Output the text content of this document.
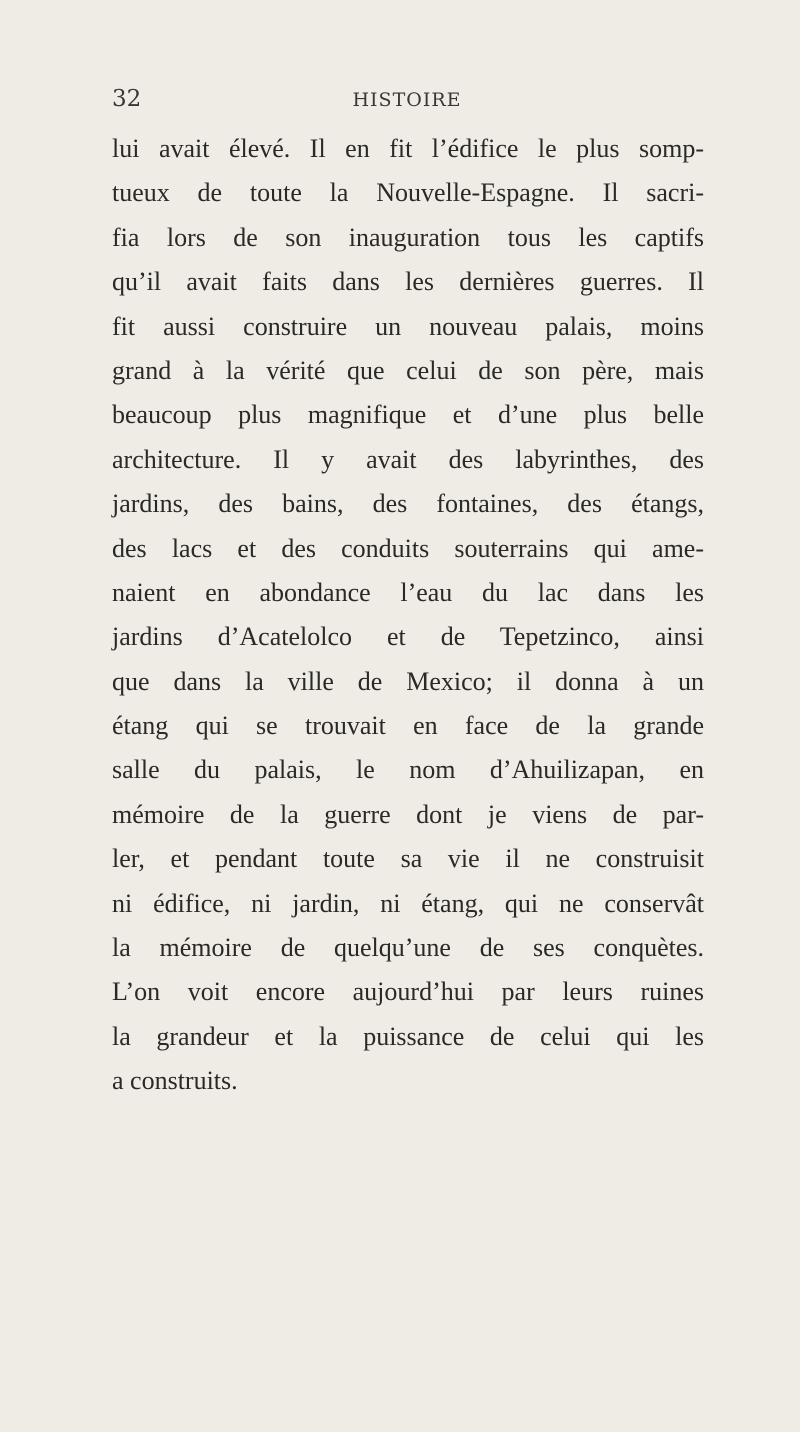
32	HISTOIRE
lui avait élevé. Il en fit l’édifice le plus somp-
tueux de toute la Nouvelle-Espagne. Il sacri-
fia lors de son inauguration tous les captifs
qu’il avait faits dans les dernières guerres. Il
fit aussi construire un nouveau palais, moins
grand à la vérité que celui de son père, mais
beaucoup plus magnifique et d’une plus belle
architecture. Il y avait des labyrinthes, des
jardins, des bains, des fontaines, des étangs,
des lacs et des conduits souterrains qui ame-
naient en abondance l’eau du lac dans les
jardins d’Acatelolco et de Tepetzinco, ainsi
que dans la ville de Mexico; il donna à un
étang qui se trouvait en face de la grande
salle du palais, le nom d’Ahuilizapan, en
mémoire de la guerre dont je viens de par-
ler, et pendant toute sa vie il ne construisit
ni édifice, ni jardin, ni étang, qui ne conservât
la mémoire de quelqu’une de ses conquètes.
L’on voit encore aujourd’hui par leurs ruines
la grandeur et la puissance de celui qui les
a construits.
